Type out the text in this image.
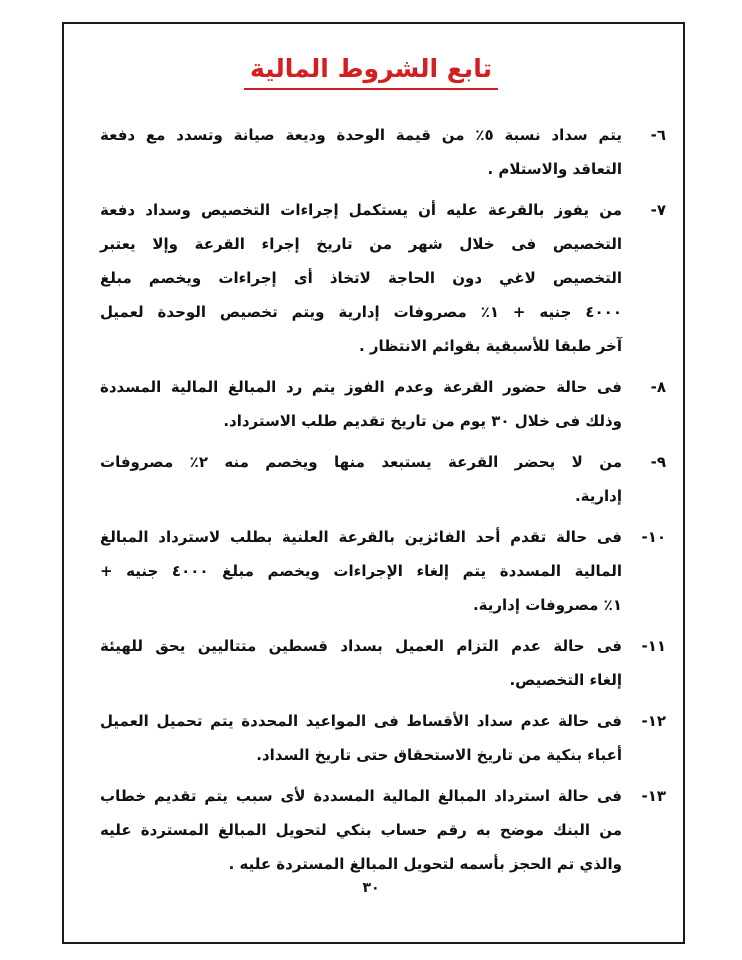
تابع الشروط المالية
٦-
يتم سداد نسبة ٥٪ من قيمة الوحدة وديعة صيانة وتسدد مع دفعة
التعاقد والاستلام .
٧-
من يفوز بالقرعة عليه أن يستكمل إجراءات التخصيص وسداد دفعة
التخصيص فى خلال شهر من تاريخ إجراء القرعة وإلا يعتبر
التخصيص لاغي دون الحاجة لاتخاذ أى إجراءات ويخصم مبلغ
٤٠٠٠ جنيه + ١٪ مصروفات إدارية ويتم تخصيص الوحدة لعميل
آخر طبقا للأسبقية بقوائم الانتظار .
٨-
فى حالة حضور القرعة وعدم الفوز يتم رد المبالغ المالية المسددة
وذلك فى خلال ٣٠ يوم من تاريخ تقديم طلب الاسترداد.
٩-
من لا يحضر القرعة يستبعد منها ويخصم منه ٢٪ مصروفات
إدارية.
١٠-
فى حالة تقدم أحد الفائزين بالقرعة العلنية بطلب لاسترداد المبالغ
المالية المسددة يتم إلغاء الإجراءات ويخصم مبلغ ٤٠٠٠ جنيه +
١٪ مصروفات إدارية.
١١-
فى حالة عدم التزام العميل بسداد قسطين متتاليين يحق للهيئة
إلغاء التخصيص.
١٢-
فى حالة عدم سداد الأقساط فى المواعيد المحددة يتم تحميل العميل
أعباء بنكية من تاريخ الاستحقاق حتى تاريخ السداد.
١٣-
فى حالة استرداد المبالغ المالية المسددة لأى سبب يتم تقديم خطاب
من البنك موضح به رقم حساب بنكي لتحويل المبالغ المستردة عليه
والذي تم الحجز بأسمه لتحويل المبالغ المستردة عليه .
٣٠
